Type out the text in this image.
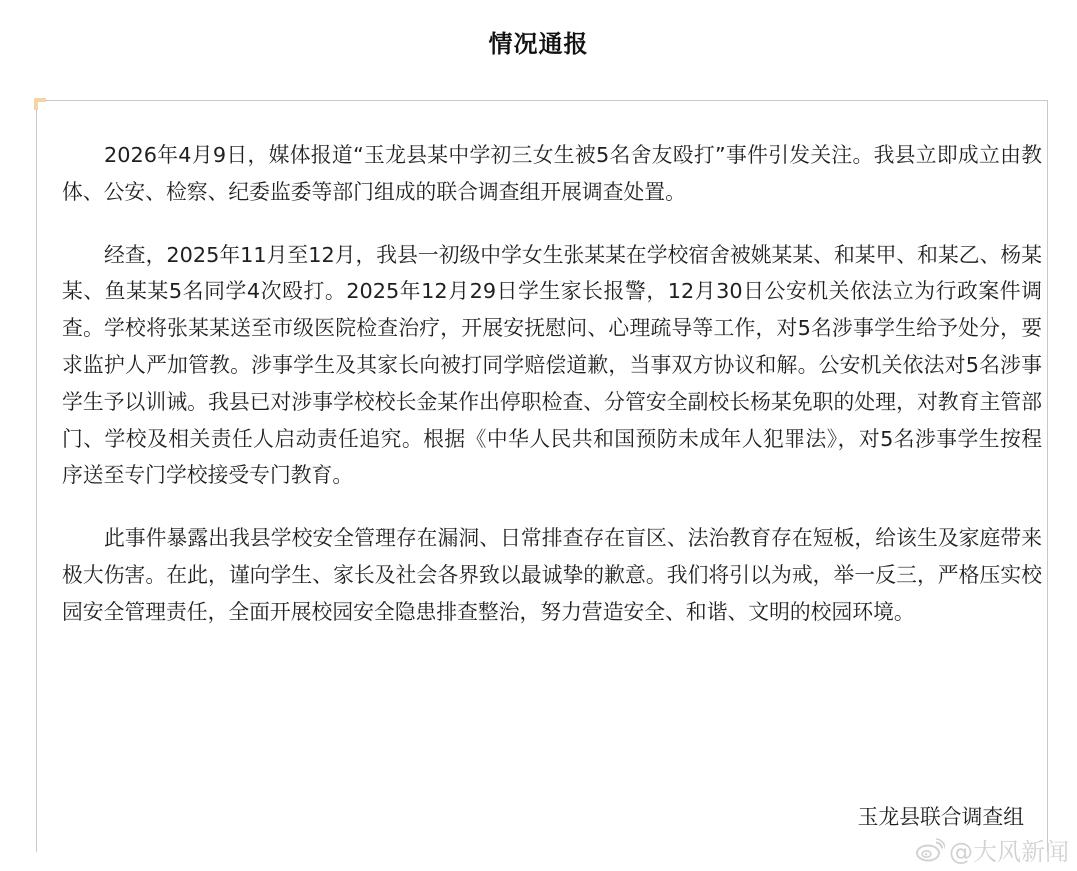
情况通报

2026年4月9日，媒体报道“玉龙县某中学初三女生被5名舍友殴打”事件引发关注。我县立即成立由教体、公安、检察、纪委监委等部门组成的联合调查组开展调查处置。

经查，2025年11月至12月，我县一初级中学女生张某某在学校宿舍被姚某某、和某甲、和某乙、杨某某、鱼某某5名同学4次殴打。2025年12月29日学生家长报警，12月30日公安机关依法立为行政案件调查。学校将张某某送至市级医院检查治疗，开展安抚慰问、心理疏导等工作，对5名涉事学生给予处分，要求监护人严加管教。涉事学生及其家长向被打同学赔偿道歉，当事双方协议和解。公安机关依法对5名涉事学生予以训诫。我县已对涉事学校校长金某作出停职检查、分管安全副校长杨某免职的处理，对教育主管部门、学校及相关责任人启动责任追究。根据《中华人民共和国预防未成年人犯罪法》，对5名涉事学生按程序送至专门学校接受专门教育。

此事件暴露出我县学校安全管理存在漏洞、日常排查存在盲区、法治教育存在短板，给该生及家庭带来极大伤害。在此，谨向学生、家长及社会各界致以最诚挚的歉意。我们将引以为戒，举一反三，严格压实校园安全管理责任，全面开展校园安全隐患排查整治，努力营造安全、和谐、文明的校园环境。

玉龙县联合调查组
@大风新闻
